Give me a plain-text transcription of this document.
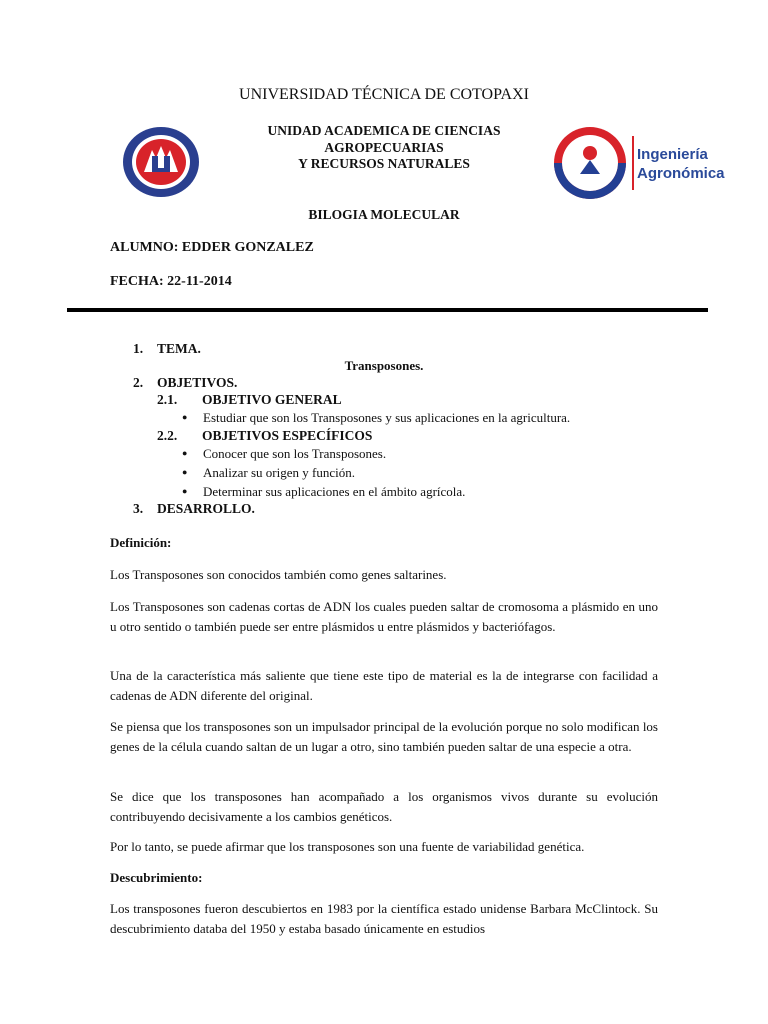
UNIVERSIDAD TÉCNICA DE COTOPAXI
UNIDAD ACADEMICA DE CIENCIAS
AGROPECUARIAS
Y RECURSOS NATURALES
Ingeniería
Agronómica
BILOGIA MOLECULAR
ALUMNO: EDDER GONZALEZ
FECHA: 22-11-2014
1. TEMA.
Transposones.
2. OBJETIVOS.
2.1. OBJETIVO GENERAL
● Estudiar que son los Transposones y sus aplicaciones en la agricultura.
2.2. OBJETIVOS ESPECÍFICOS
● Conocer que son los Transposones.
● Analizar su origen y función.
● Determinar sus aplicaciones en el ámbito agrícola.
3. DESARROLLO.
Definición:
Los Transposones son conocidos también como genes saltarines.
Los Transposones son cadenas cortas de ADN los cuales pueden saltar de cromosoma a plásmido en uno u otro sentido o también puede ser entre plásmidos u entre plásmidos y bacteriófagos.
Una de la característica más saliente que tiene este tipo de material es la de integrarse con facilidad a cadenas de ADN diferente del original.
Se piensa que los transposones son un impulsador principal de la evolución porque no solo modifican los genes de la célula cuando saltan de un lugar a otro, sino también pueden saltar de una especie a otra.
Se dice que los transposones han acompañado a los organismos vivos durante su evolución contribuyendo decisivamente a los cambios genéticos.
Por lo tanto, se puede afirmar que los transposones son una fuente de variabilidad genética.
Descubrimiento:
Los transposones fueron descubiertos en 1983 por la científica estado unidense Barbara McClintock. Su descubrimiento databa del 1950 y estaba basado únicamente en estudios
